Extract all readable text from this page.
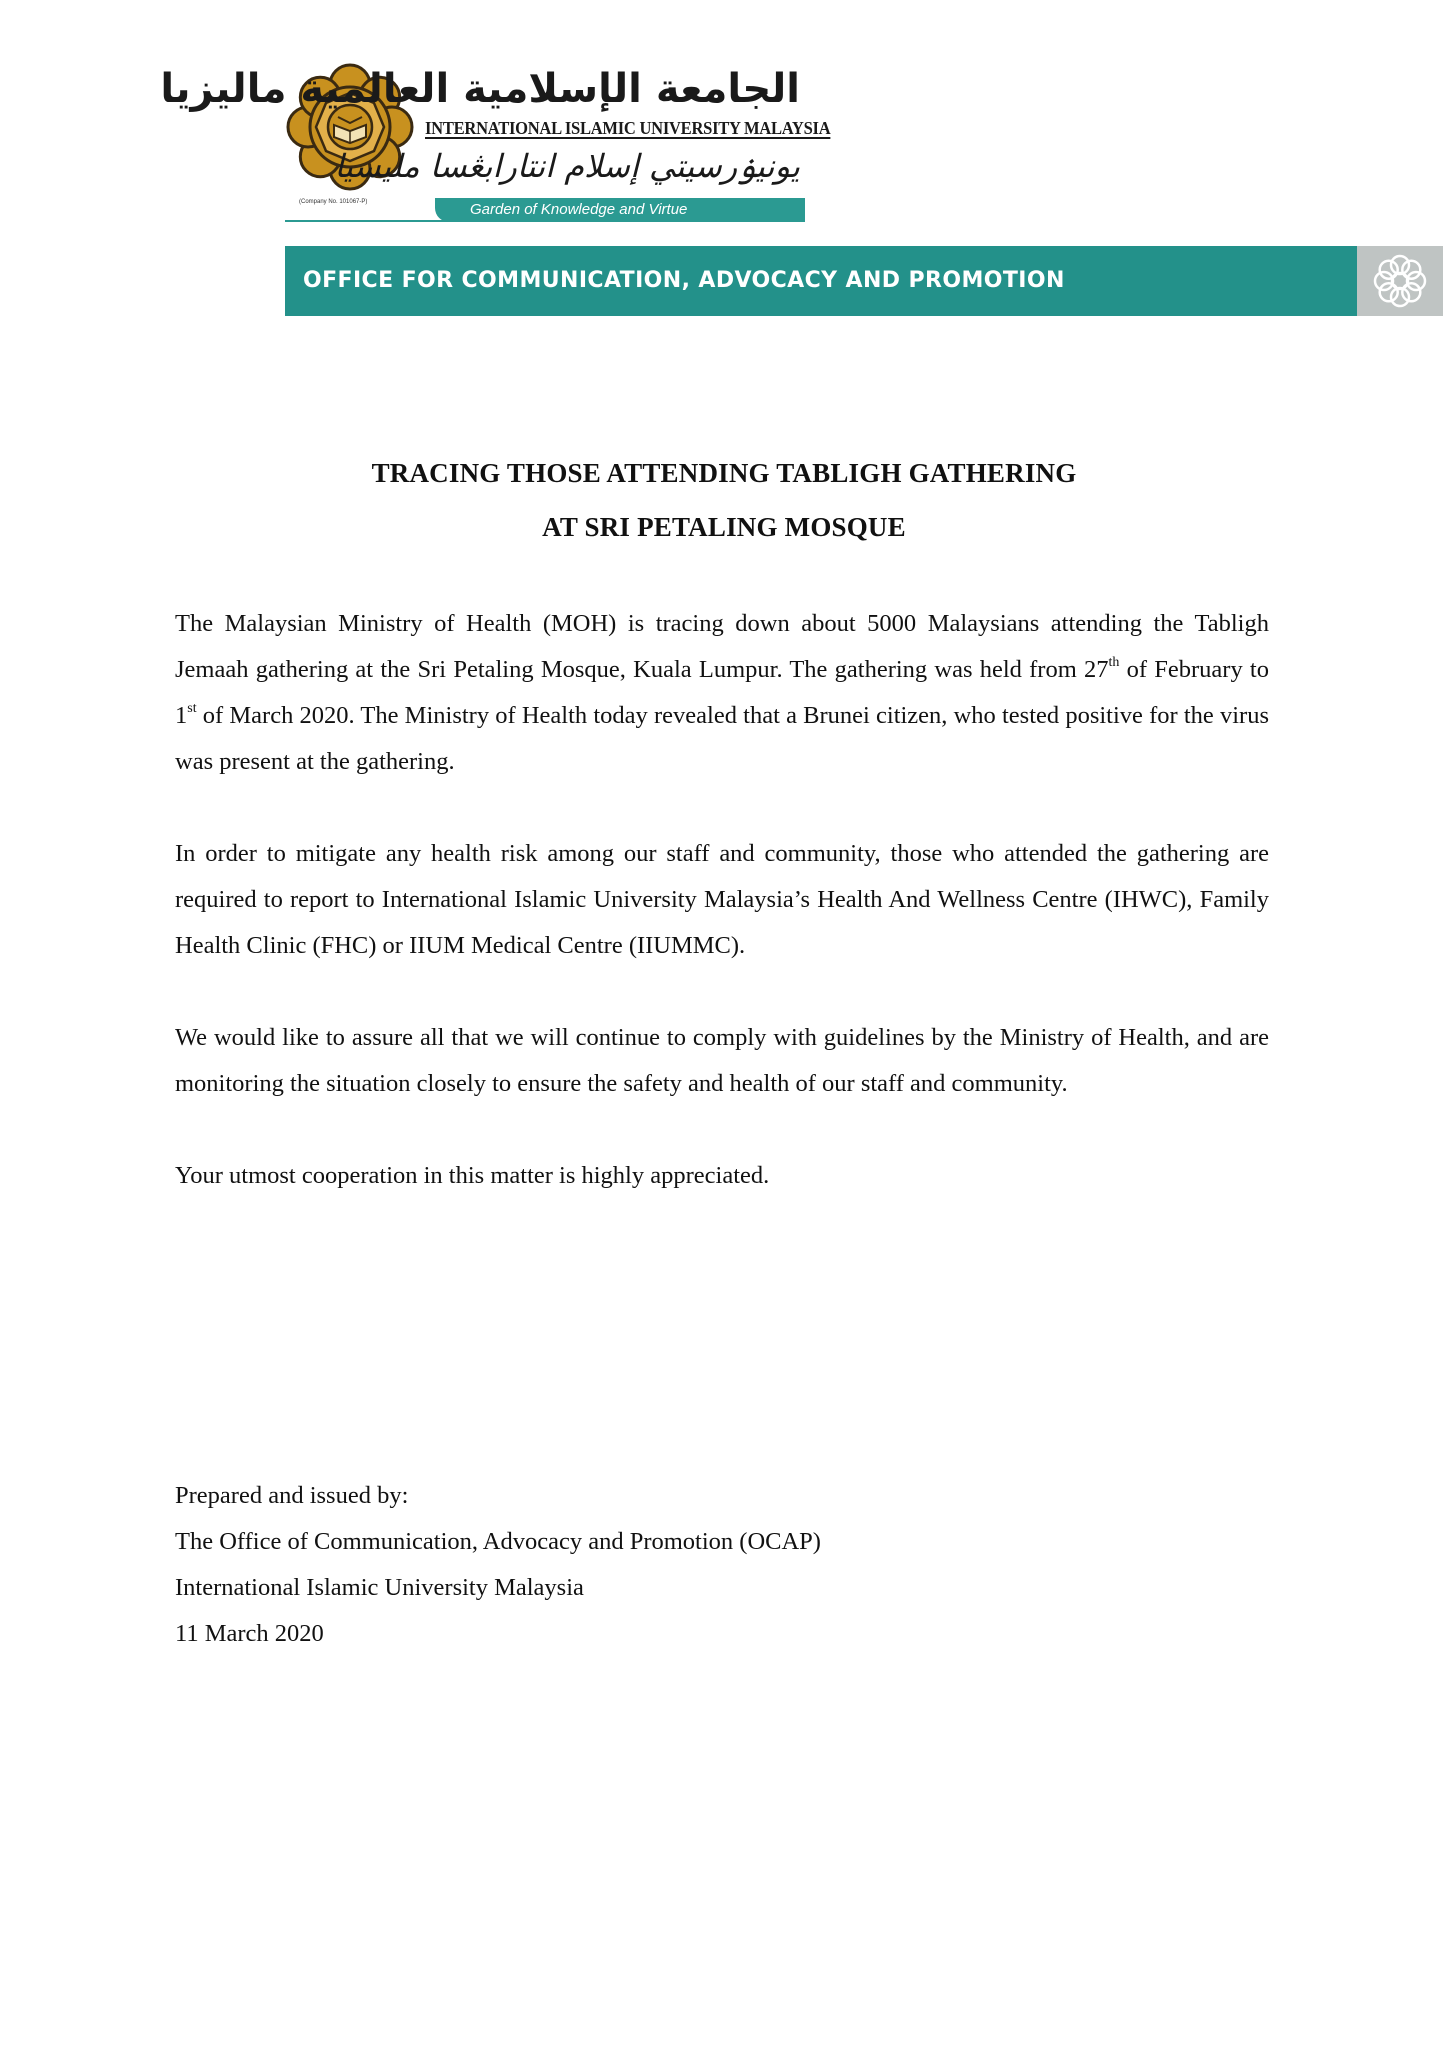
الجامعة الإسلامية العالمية ماليزيا
INTERNATIONAL ISLAMIC UNIVERSITY MALAYSIA
يونيۏرسيتي إسلام انتارابڠسا مليسيا
(Company No. 101067-P)	Garden of Knowledge and Virtue
OFFICE FOR COMMUNICATION, ADVOCACY AND PROMOTION
TRACING THOSE ATTENDING TABLIGH GATHERING
AT SRI PETALING MOSQUE

The Malaysian Ministry of Health (MOH) is tracing down about 5000 Malaysians attending the Tabligh Jemaah gathering at the Sri Petaling Mosque, Kuala Lumpur. The gathering was held from 27th of February to 1st of March 2020. The Ministry of Health today revealed that a Brunei citizen, who tested positive for the virus was present at the gathering.

In order to mitigate any health risk among our staff and community, those who attended the gathering are required to report to International Islamic University Malaysia’s Health And Wellness Centre (IHWC), Family Health Clinic (FHC) or IIUM Medical Centre (IIUMMC).

We would like to assure all that we will continue to comply with guidelines by the Ministry of Health, and are monitoring the situation closely to ensure the safety and health of our staff and community.

Your utmost cooperation in this matter is highly appreciated.

Prepared and issued by:
The Office of Communication, Advocacy and Promotion (OCAP)
International Islamic University Malaysia
11 March 2020
